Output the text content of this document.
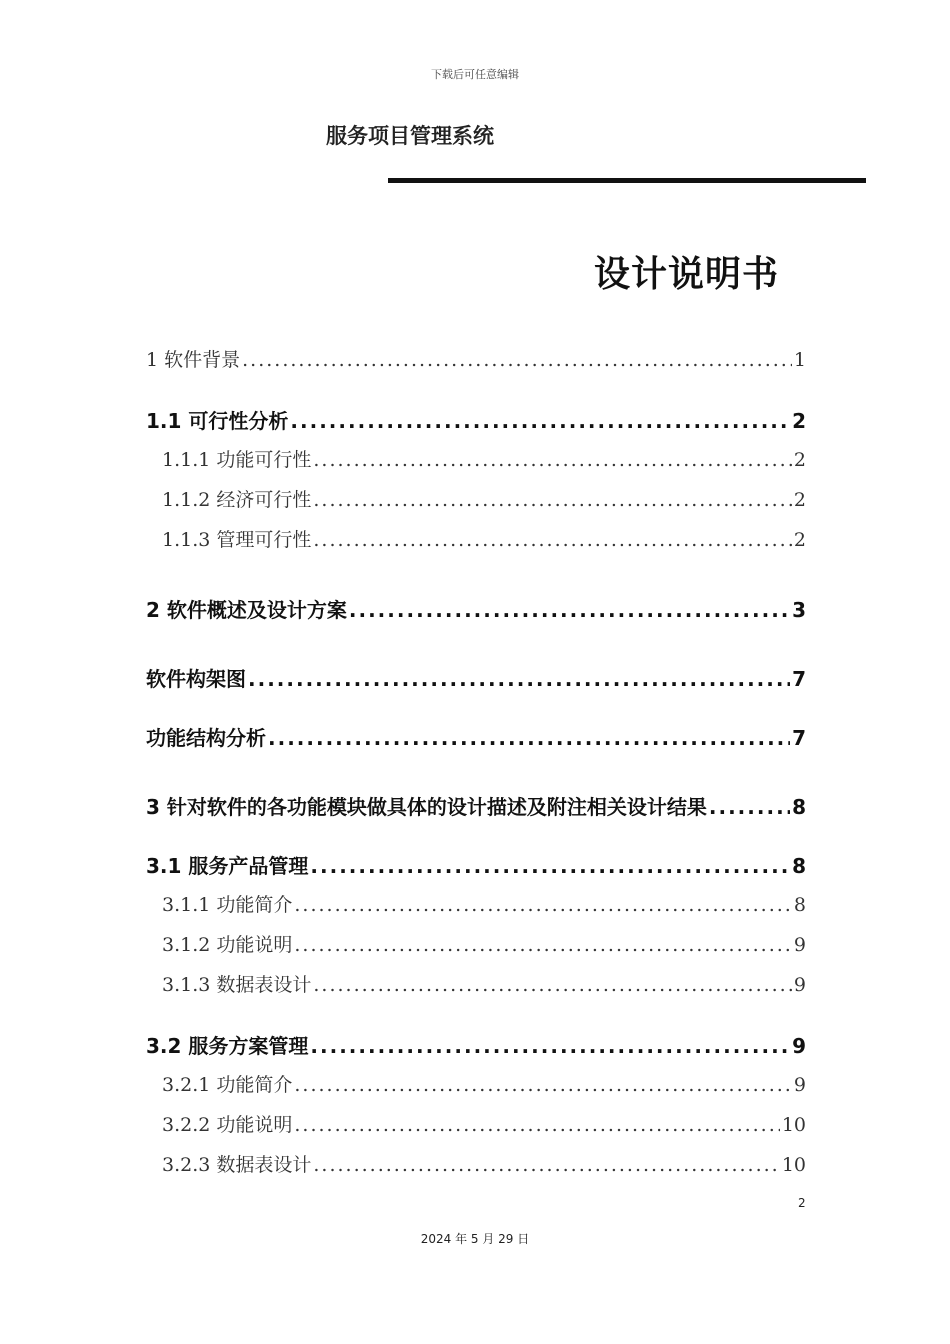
下载后可任意编辑
服务项目管理系统
设计说明书
1 软件背景 .....	1
1.1 可行性分析 .....	2
1.1.1 功能可行性 .....	2
1.1.2 经济可行性 .....	2
1.1.3 管理可行性 .....	2
2 软件概述及设计方案 .....	3
软件构架图 .....	7
功能结构分析 .....	7
3 针对软件的各功能模块做具体的设计描述及附注相关设计结果 .....	8
3.1 服务产品管理 .....	8
3.1.1 功能简介 .....	8
3.1.2 功能说明 .....	9
3.1.3 数据表设计 .....	9
3.2 服务方案管理 .....	9
3.2.1 功能简介 .....	9
3.2.2 功能说明 .....	10
3.2.3 数据表设计 .....	10
2
2024 年 5 月 29 日
